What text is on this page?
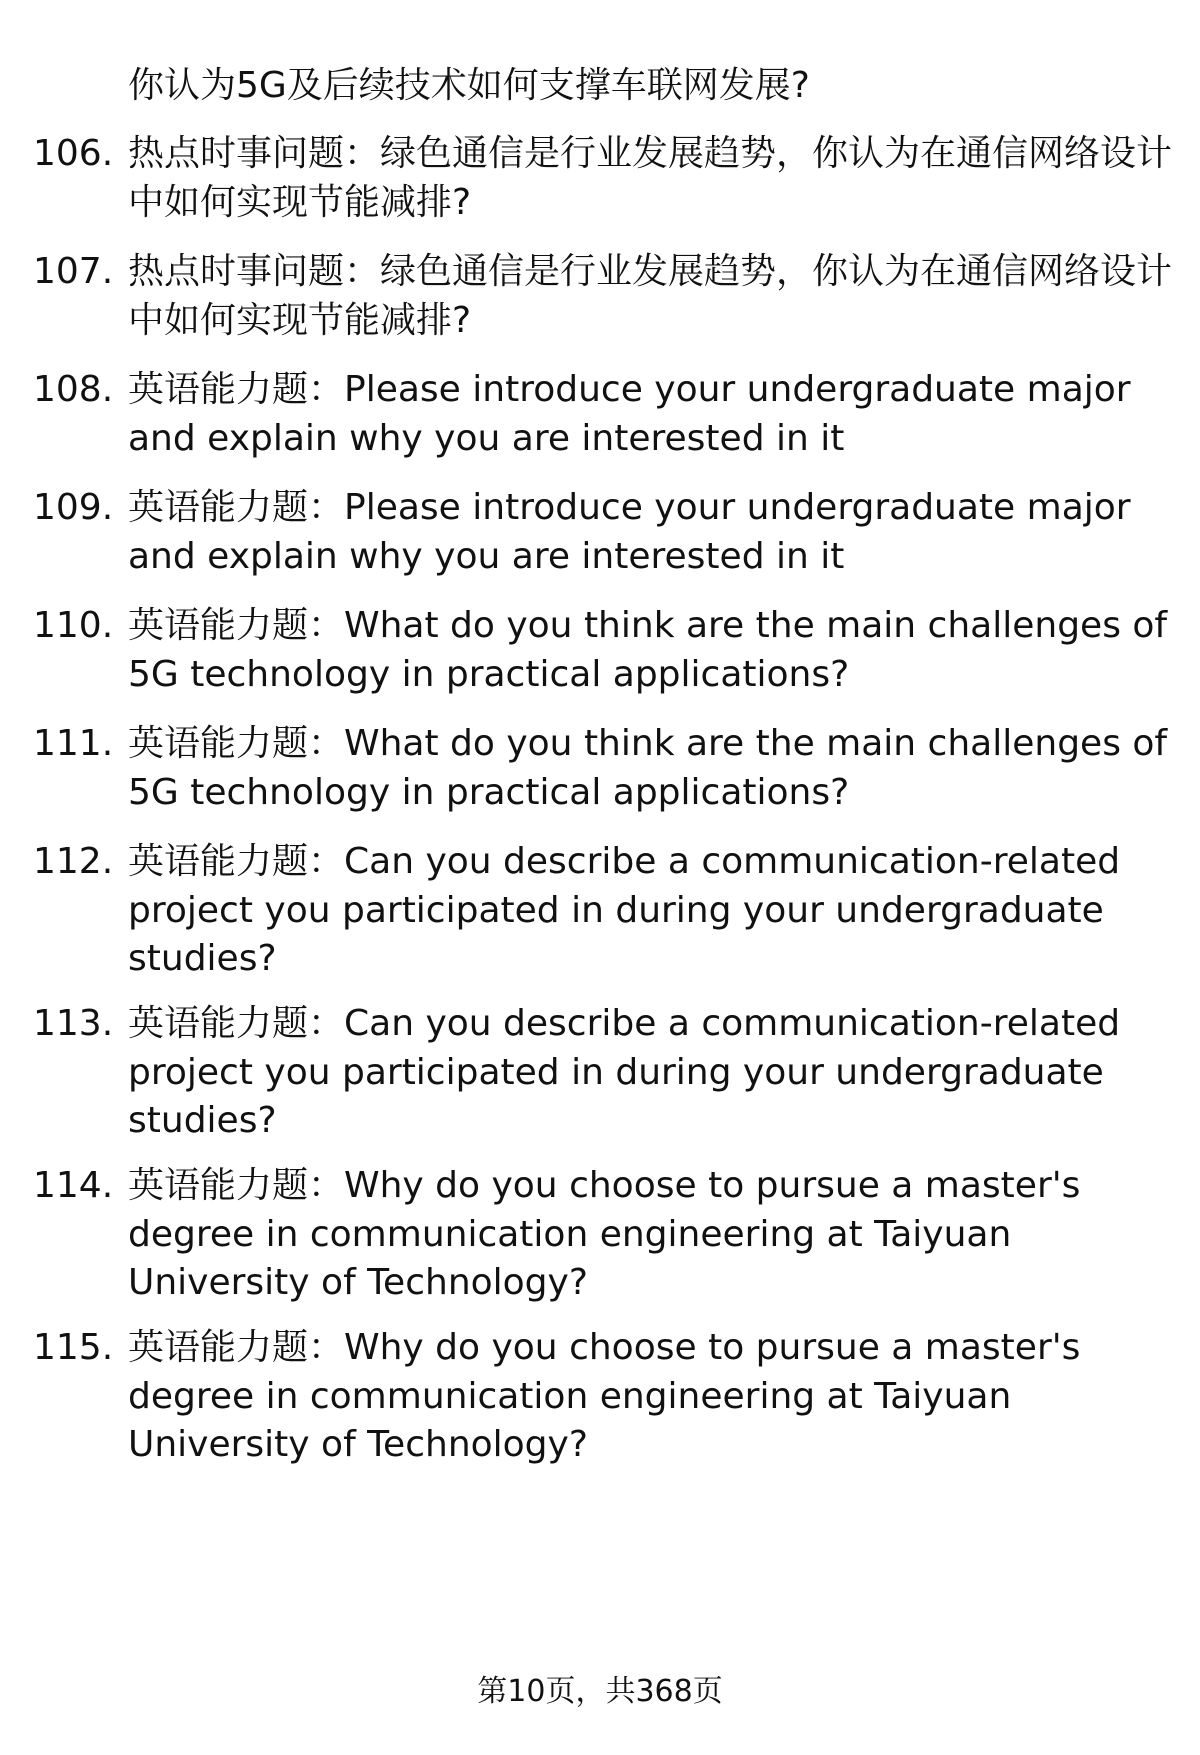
你认为5G及后续技术如何支撑车联网发展?
106. 热点时事问题：绿色通信是行业发展趋势，你认为在通信网络设计中如何实现节能减排?
107. 热点时事问题：绿色通信是行业发展趋势，你认为在通信网络设计中如何实现节能减排?
108. 英语能力题：Please introduce your undergraduate major and explain why you are interested in it
109. 英语能力题：Please introduce your undergraduate major and explain why you are interested in it
110. 英语能力题：What do you think are the main challenges of 5G technology in practical applications?
111. 英语能力题：What do you think are the main challenges of 5G technology in practical applications?
112. 英语能力题：Can you describe a communication-related project you participated in during your undergraduate studies?
113. 英语能力题：Can you describe a communication-related project you participated in during your undergraduate studies?
114. 英语能力题：Why do you choose to pursue a master's degree in communication engineering at Taiyuan University of Technology?
115. 英语能力题：Why do you choose to pursue a master's degree in communication engineering at Taiyuan University of Technology?
第10页，共368页
